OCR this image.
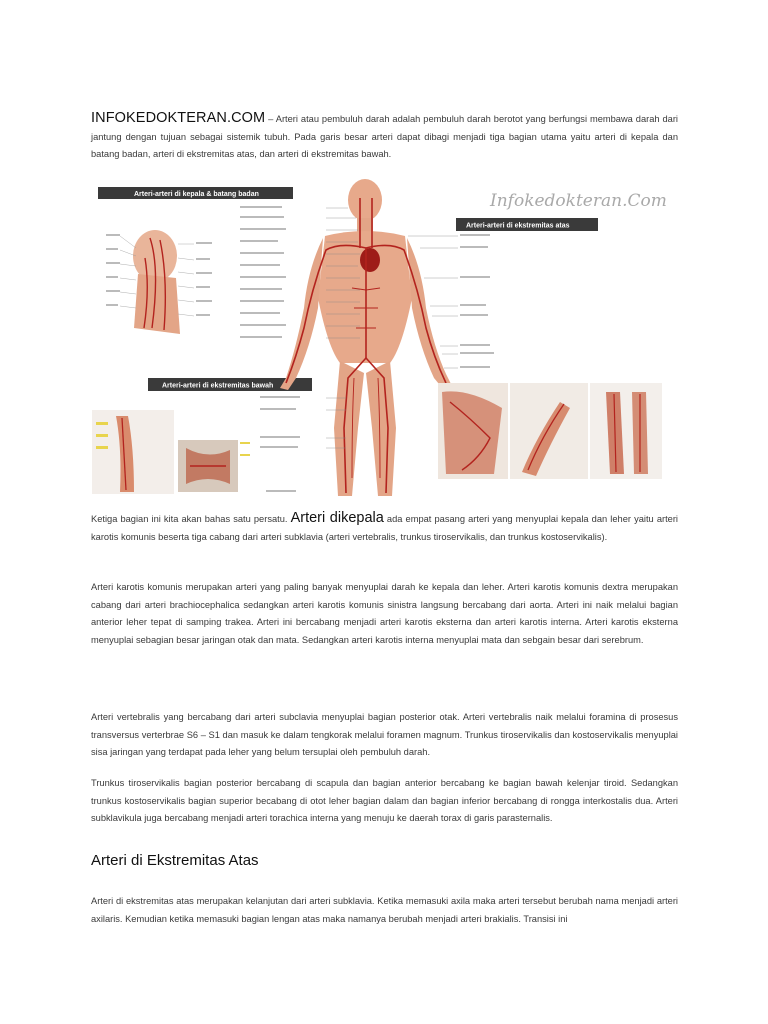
INFOKEDOKTERAN.COM – Arteri atau pembuluh darah adalah pembuluh darah berotot yang berfungsi membawa darah dari jantung dengan tujuan sebagai sistemik tubuh. Pada garis besar arteri dapat dibagi menjadi tiga bagian utama yaitu arteri di kepala dan batang badan, arteri di ekstremitas atas, dan arteri di ekstremitas bawah.

Infokedokteran.Com
Arteri-arteri di kepala & batang badan
Arteri-arteri di ekstremitas atas
Arteri-arteri di ekstremitas bawah

Ketiga bagian ini kita akan bahas satu persatu. Arteri dikepala ada empat pasang arteri yang menyuplai kepala dan leher yaitu arteri karotis komunis beserta tiga cabang dari arteri subklavia (arteri vertebralis, trunkus tiroservikalis, dan trunkus kostoservikalis).

Arteri karotis komunis merupakan arteri yang paling banyak menyuplai darah ke kepala dan leher. Arteri karotis komunis dextra merupakan cabang dari arteri brachiocephalica sedangkan arteri karotis komunis sinistra langsung bercabang dari aorta. Arteri ini naik melalui bagian anterior leher tepat di samping trakea. Arteri ini bercabang menjadi arteri karotis eksterna dan arteri karotis interna. Arteri karotis eksterna menyuplai sebagian besar jaringan otak dan mata. Sedangkan arteri karotis interna menyuplai mata dan sebgain besar dari serebrum.

Arteri vertebralis yang bercabang dari arteri subclavia menyuplai bagian posterior otak. Arteri vertebralis naik melalui foramina di prosesus transversus verterbrae S6 – S1 dan masuk ke dalam tengkorak melalui foramen magnum. Trunkus tiroservikalis dan kostoservikalis menyuplai sisa jaringan yang terdapat pada leher yang belum tersuplai oleh pembuluh darah.

Trunkus tiroservikalis bagian posterior bercabang di scapula dan bagian anterior bercabang ke bagian bawah kelenjar tiroid. Sedangkan trunkus kostoservikalis bagian superior becabang di otot leher bagian dalam dan bagian inferior bercabang di rongga interkostalis dua. Arteri subklavikula juga bercabang menjadi arteri torachica interna yang menuju ke daerah torax di garis parasternalis.

Arteri di Ekstremitas Atas

Arteri di ekstremitas atas merupakan kelanjutan dari arteri subklavia. Ketika memasuki axila maka arteri tersebut berubah nama menjadi arteri axilaris. Kemudian ketika memasuki bagian lengan atas maka namanya berubah menjadi arteri brakialis. Transisi ini
